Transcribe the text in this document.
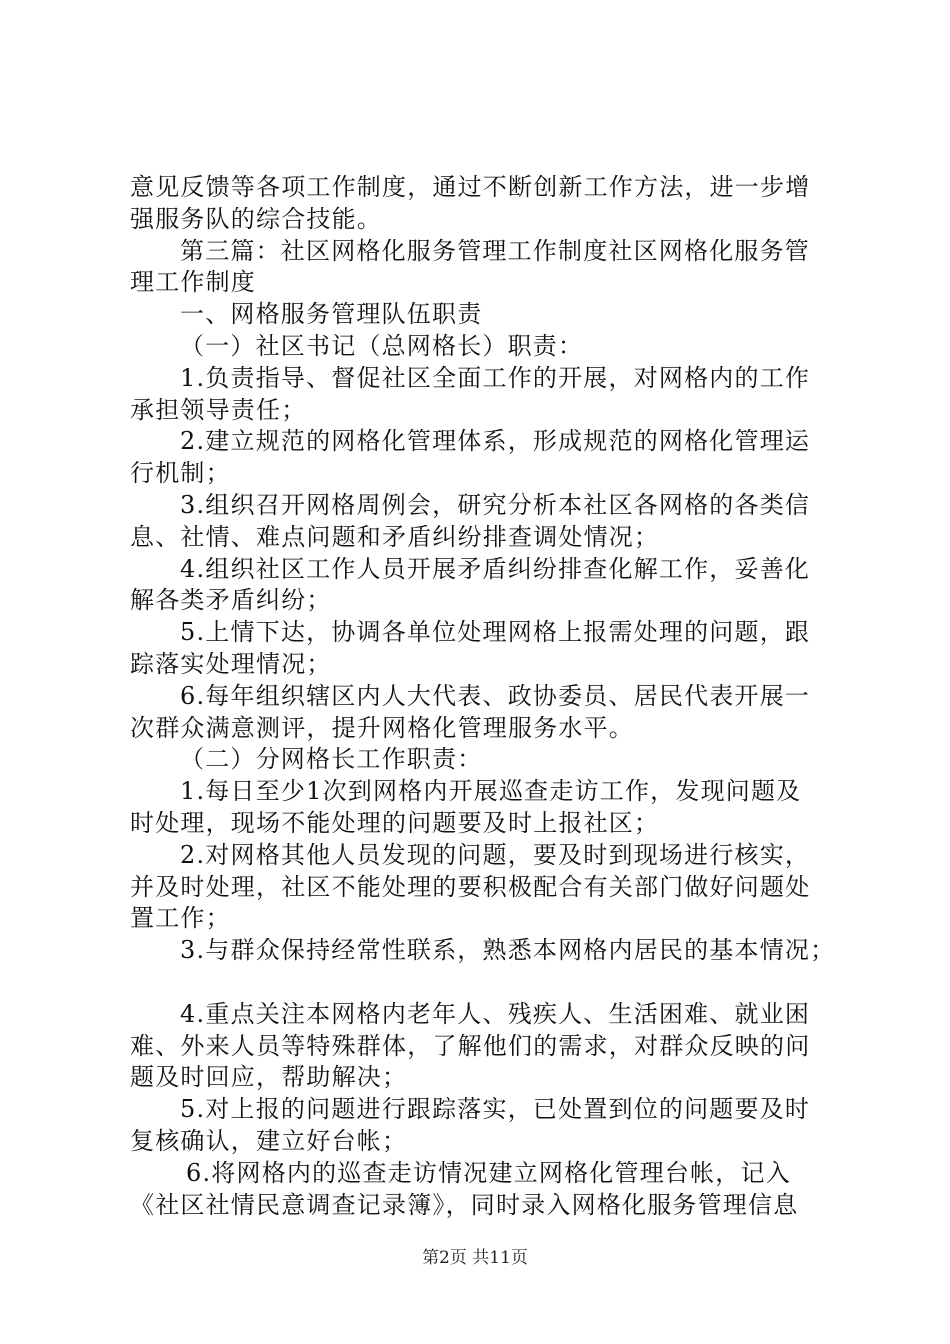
意见反馈等各项工作制度，通过不断创新工作方法，进一步增
强服务队的综合技能。
第三篇：社区网格化服务管理工作制度社区网格化服务管
理工作制度
一、网格服务管理队伍职责
（一）社区书记（总网格长）职责：
1.负责指导、督促社区全面工作的开展，对网格内的工作
承担领导责任；
2.建立规范的网格化管理体系，形成规范的网格化管理运
行机制；
3.组织召开网格周例会，研究分析本社区各网格的各类信
息、社情、难点问题和矛盾纠纷排查调处情况；
4.组织社区工作人员开展矛盾纠纷排查化解工作，妥善化
解各类矛盾纠纷；
5.上情下达，协调各单位处理网格上报需处理的问题，跟
踪落实处理情况；
6.每年组织辖区内人大代表、政协委员、居民代表开展一
次群众满意测评，提升网格化管理服务水平。
（二）分网格长工作职责：
1.每日至少1次到网格内开展巡查走访工作，发现问题及
时处理，现场不能处理的问题要及时上报社区；
2.对网格其他人员发现的问题，要及时到现场进行核实，
并及时处理，社区不能处理的要积极配合有关部门做好问题处
置工作；
3.与群众保持经常性联系，熟悉本网格内居民的基本情况；
4.重点关注本网格内老年人、残疾人、生活困难、就业困
难、外来人员等特殊群体，了解他们的需求，对群众反映的问
题及时回应，帮助解决；
5.对上报的问题进行跟踪落实，已处置到位的问题要及时
复核确认，建立好台帐；
6.将网格内的巡查走访情况建立网格化管理台帐，记入
《社区社情民意调查记录簿》，同时录入网格化服务管理信息
第2页 共11页
